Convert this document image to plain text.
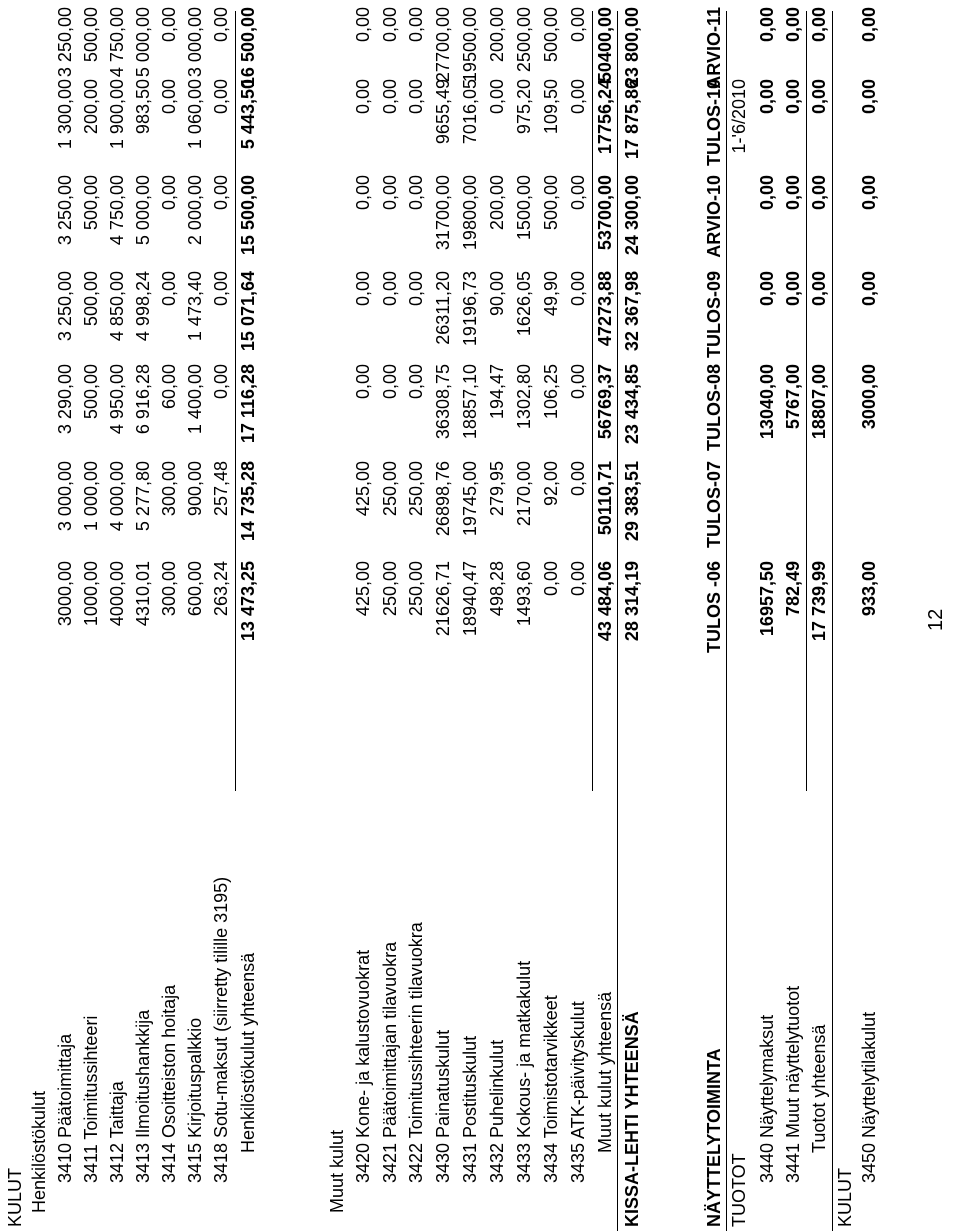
KULUT Henkilöstökulut 3410 Päätoimittaja
3000,00
3 000,00
3 290,00
3 250,00
3 250,00
1 300,00
3 250,00
3411 Toimitussihteeri
1000,00
1 000,00
500,00
500,00
500,00
200,00
500,00
3412 Taittaja
4000,00
4 000,00
4 950,00
4 850,00
4 750,00
1 900,00
4 750,00
3413 Ilmoitushankkija
4310,01
5 277,80
6 916,28
4 998,24
5 000,00
983,50
5 000,00
3414 Osoitteiston hoitaja
300,00
300,00
60,00
0,00
0,00
0,00
0,00
3415 Kirjoituspalkkio
600,00
900,00
1 400,00
1 473,40
2 000,00
1 060,00
3 000,00
3418 Sotu-maksut (siirretty tilille 3195)
263,24
257,48
0,00
0,00
0,00
0,00
0,00
Henkilöstökulut yhteensä
13 473,25
14 735,28
17 116,28
15 071,64
15 500,00
5 443,50
16 500,00
Muut kulut 3420 Kone- ja kalustovuokrat
425,00
425,00
0,00
0,00
0,00
0,00
0,00
3421 Päätoimittajan tilavuokra
250,00
250,00
0,00
0,00
0,00
0,00
0,00
3422 Toimitussihteerin tilavuokra
250,00
250,00
0,00
0,00
0,00
0,00
0,00
3430 Painatuskulut
21626,71
26898,76
36308,75
26311,20
31700,00
9655,49
27700,00
3431 Postituskulut
18940,47
19745,00
18857,10
19196,73
19800,00
7016,05
19500,00
3432 Puhelinkulut
498,28
279,95
194,47
90,00
200,00
0,00
200,00
3433 Kokous- ja matkakulut
1493,60
2170,00
1302,80
1626,05
1500,00
975,20
2500,00
3434 Toimistotarvikkeet
0,00
92,00
106,25
49,90
500,00
109,50
500,00
3435 ATK-päivityskulut
0,00
0,00
0,00
0,00
0,00
0,00
0,00
Muut kulut yhteensä
43 484,06
50110,71
56769,37
47273,88
53700,00
17756,24
50400,00
KISSA-LEHTI YHTEENSÄ
28 314,19
29 383,51
23 434,85
32 367,98
24 300,00
17 875,86
23 800,00
NÄYTTELYTOIMINTA
TULOS -06
TULOS-07
TULOS-08
TULOS-09
ARVIO-10
TULOS-10
ARVIO-11
TUOTOT
1-'6/2010
3440 Näyttelymaksut
16957,50
13040,00
0,00
0,00
0,00
0,00
3441 Muut näyttelytuotot
782,49
5767,00
0,00
0,00
0,00
0,00
Tuotot yhteensä
17 739,99
18807,00
0,00
0,00
0,00
0,00
KULUT
3450 Näyttelytilakulut
933,00
3000,00
0,00
0,00
0,00
0,00
12
